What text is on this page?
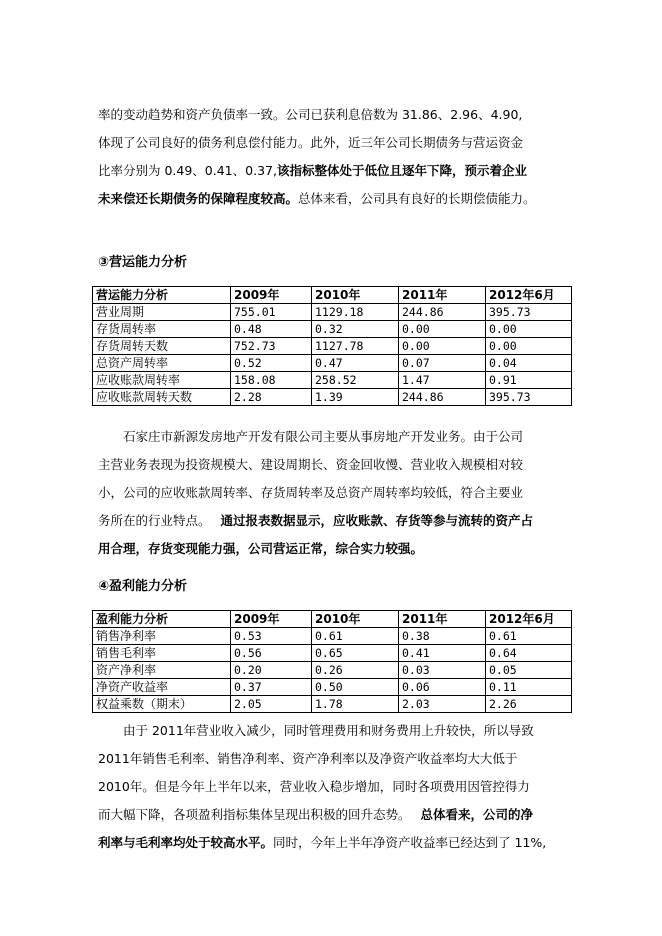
率的变动趋势和资产负债率一致。公司已获利息倍数为 31.86、2.96、4.90,

体现了公司良好的债务利息偿付能力。此外，近三年公司长期债务与营运资金

比率分别为 0.49、0.41、0.37,该指标整体处于低位且逐年下降，预示着企业

未来偿还长期债务的保障程度较高。总体来看，公司具有良好的长期偿债能力。

③营运能力分析
营运能力分析	2009年	2010年	2011年	2012年6月
营业周期	755.01	1129.18	244.86	395.73
存货周转率	0.48	0.32	0.00	0.00
存货周转天数	752.73	1127.78	0.00	0.00
总资产周转率	0.52	0.47	0.07	0.04
应收账款周转率	158.08	258.52	1.47	0.91
应收账款周转天数	2.28	1.39	244.86	395.73

石家庄市新源发房地产开发有限公司主要从事房地产开发业务。由于公司

主营业务表现为投资规模大、建设周期长、资金回收慢、营业收入规模相对较

小，公司的应收账款周转率、存货周转率及总资产周转率均较低，符合主要业

务所在的行业特点。 通过报表数据显示，应收账款、存货等参与流转的资产占

用合理，存货变现能力强，公司营运正常，综合实力较强。

④盈利能力分析
盈利能力分析	2009年	2010年	2011年	2012年6月
销售净利率	0.53	0.61	0.38	0.61
销售毛利率	0.56	0.65	0.41	0.64
资产净利率	0.20	0.26	0.03	0.05
净资产收益率	0.37	0.50	0.06	0.11
权益乘数（期末）	2.05	1.78	2.03	2.26

由于 2011年营业收入减少，同时管理费用和财务费用上升较快，所以导致

2011年销售毛利率、销售净利率、资产净利率以及净资产收益率均大大低于

2010年。但是今年上半年以来，营业收入稳步增加，同时各项费用因管控得力

而大幅下降，各项盈利指标集体呈现出积极的回升态势。 总体看来，公司的净

利率与毛利率均处于较高水平。同时，今年上半年净资产收益率已经达到了 11%,
